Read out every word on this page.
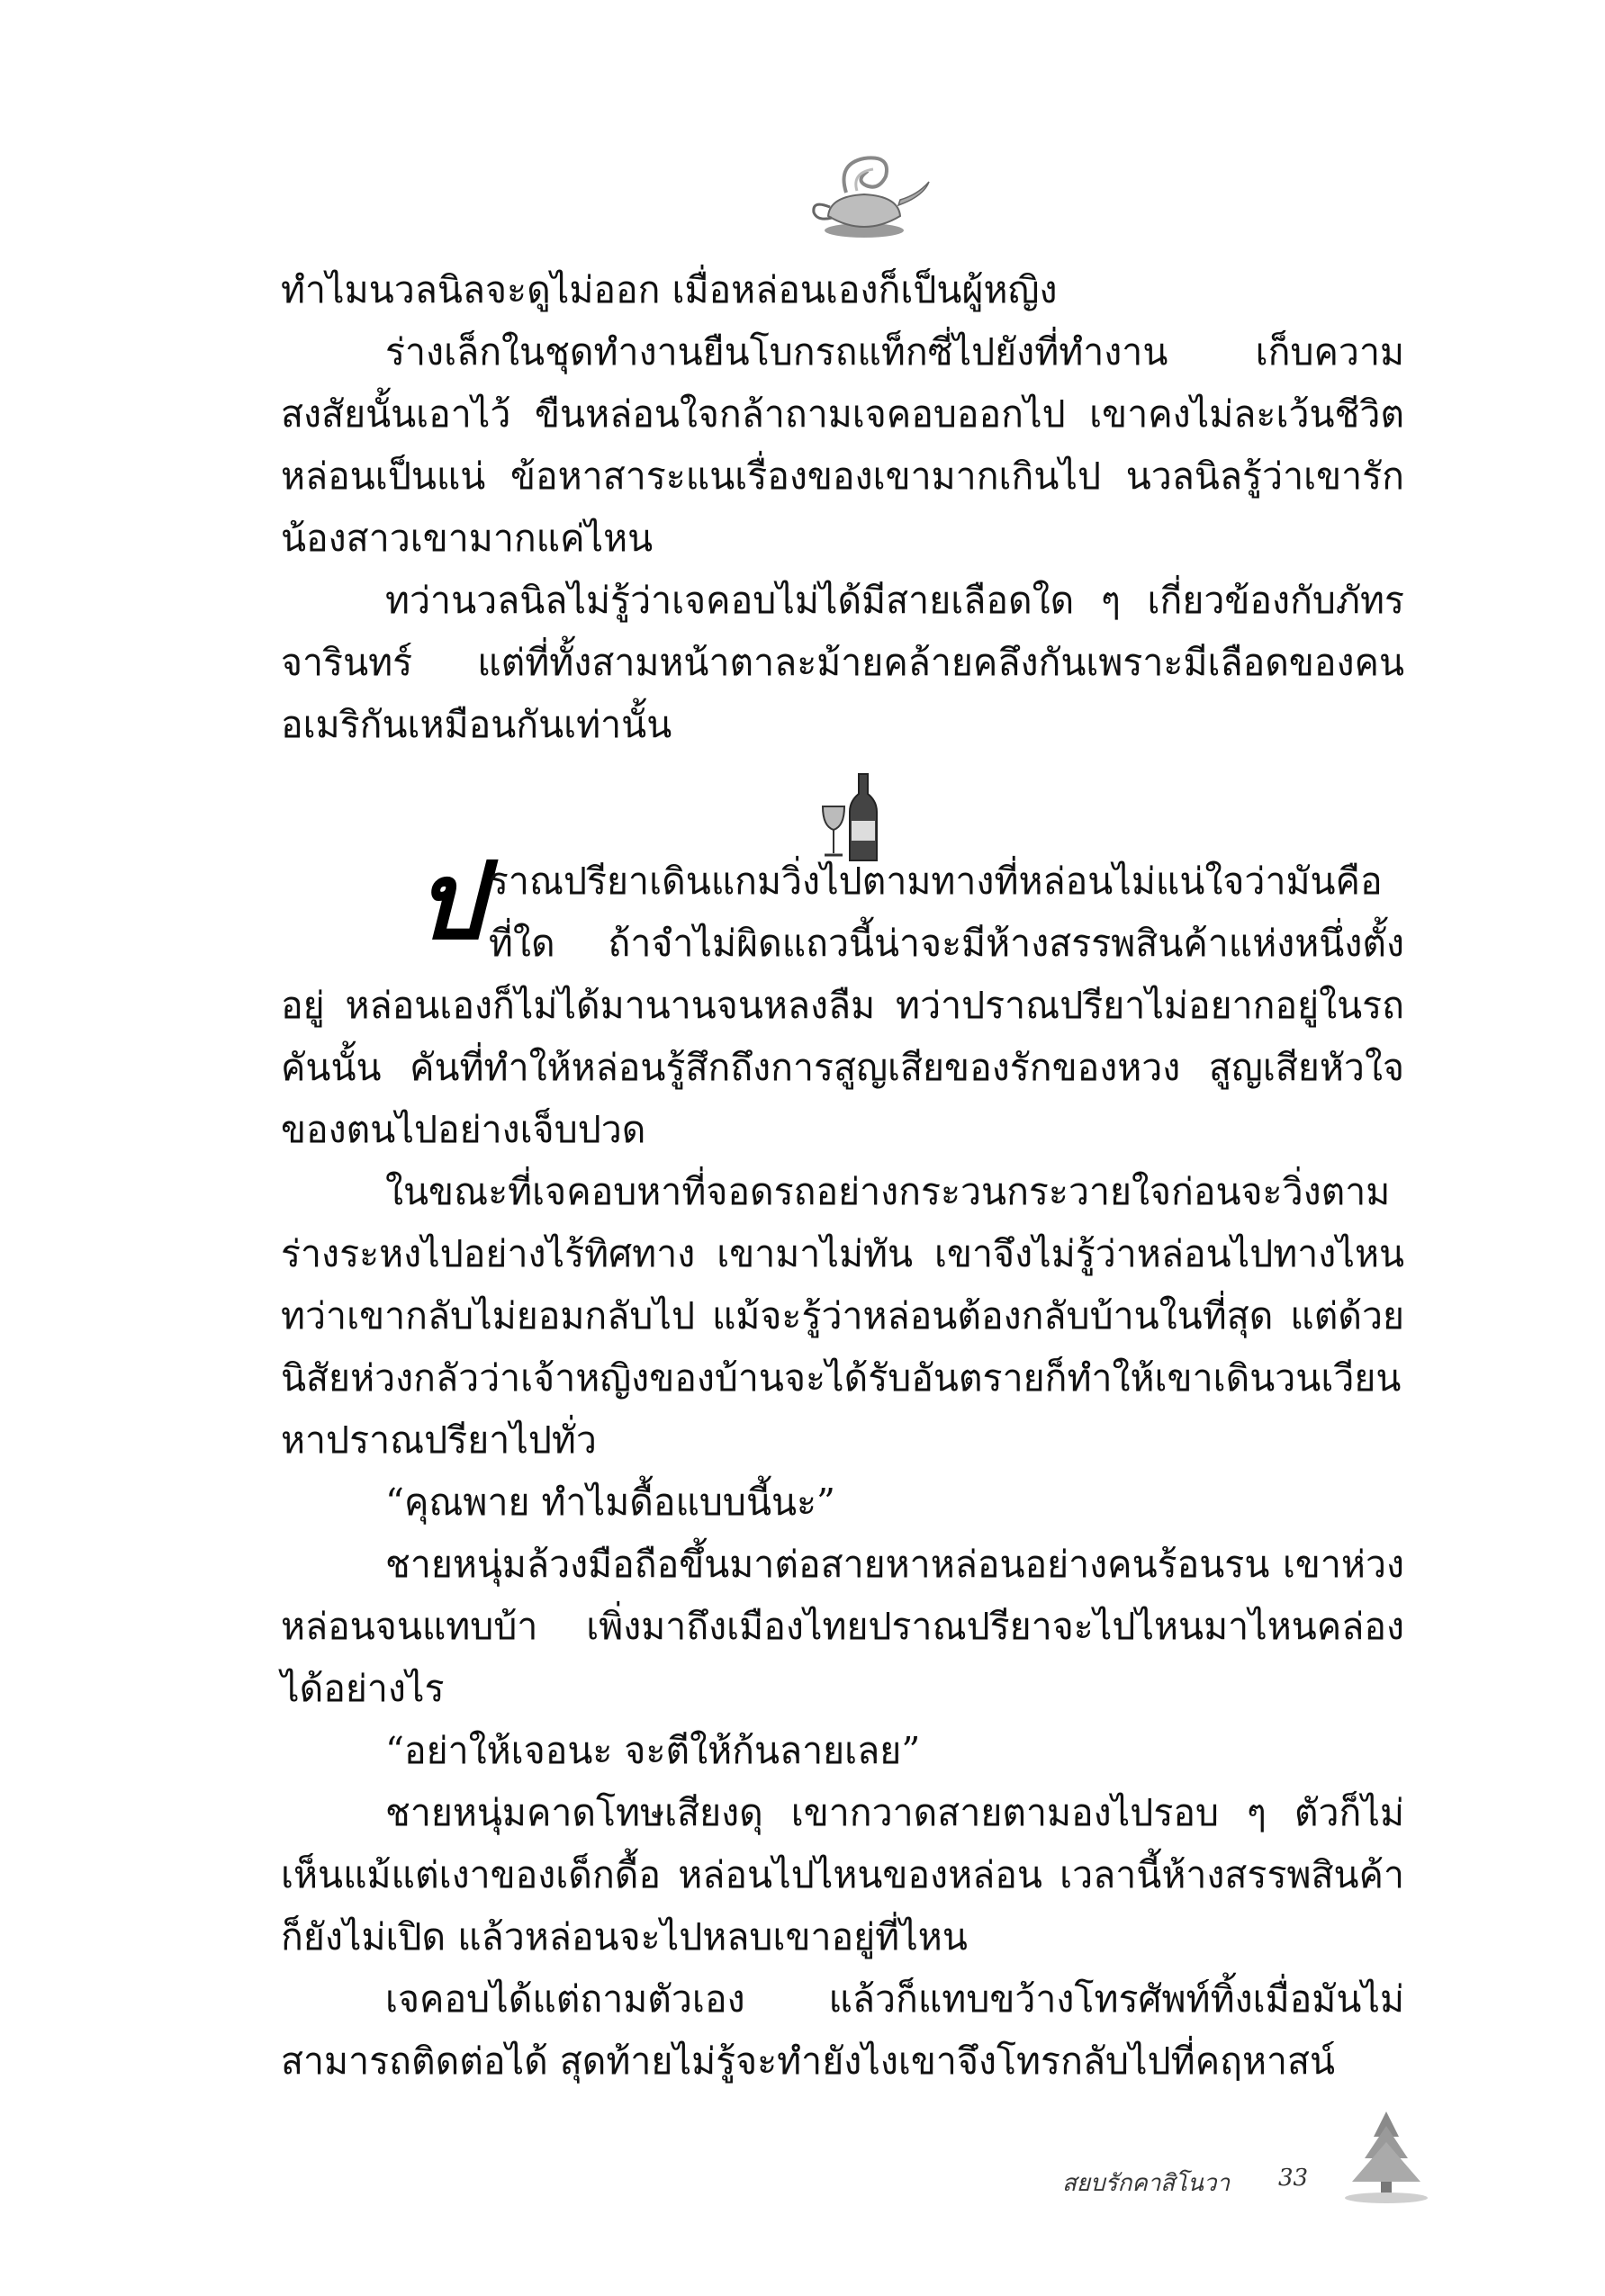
ทำไมนวลนิลจะดูไม่ออก เมื่อหล่อนเองก็เป็นผู้หญิง

ร่างเล็กในชุดทำงานยืนโบกรถแท็กซี่ไปยังที่ทำงาน เก็บความสงสัยนั้นเอาไว้ ขืนหล่อนใจกล้าถามเจคอบออกไป เขาคงไม่ละเว้นชีวิตหล่อนเป็นแน่ ข้อหาสาระแนเรื่องของเขามากเกินไป นวลนิลรู้ว่าเขารักน้องสาวเขามากแค่ไหน

ทว่านวลนิลไม่รู้ว่าเจคอบไม่ได้มีสายเลือดใด ๆ เกี่ยวข้องกับภัทรจารินทร์ แต่ที่ทั้งสามหน้าตาละม้ายคล้ายคลึงกันเพราะมีเลือดของคนอเมริกันเหมือนกันเท่านั้น

ปราณปรียาเดินแกมวิ่งไปตามทางที่หล่อนไม่แน่ใจว่ามันคือที่ใด ถ้าจำไม่ผิดแถวนี้น่าจะมีห้างสรรพสินค้าแห่งหนึ่งตั้งอยู่ หล่อนเองก็ไม่ได้มานานจนหลงลืม ทว่าปราณปรียาไม่อยากอยู่ในรถคันนั้น คันที่ทำให้หล่อนรู้สึกถึงการสูญเสียของรักของหวง สูญเสียหัวใจของตนไปอย่างเจ็บปวด

ในขณะที่เจคอบหาที่จอดรถอย่างกระวนกระวายใจก่อนจะวิ่งตามร่างระหงไปอย่างไร้ทิศทาง เขามาไม่ทัน เขาจึงไม่รู้ว่าหล่อนไปทางไหน ทว่าเขากลับไม่ยอมกลับไป แม้จะรู้ว่าหล่อนต้องกลับบ้านในที่สุด แต่ด้วยนิสัยห่วงกลัวว่าเจ้าหญิงของบ้านจะได้รับอันตรายก็ทำให้เขาเดินวนเวียนหาปราณปรียาไปทั่ว

“คุณพาย ทำไมดื้อแบบนี้นะ”

ชายหนุ่มล้วงมือถือขึ้นมาต่อสายหาหล่อนอย่างคนร้อนรน เขาห่วงหล่อนจนแทบบ้า เพิ่งมาถึงเมืองไทยปราณปรียาจะไปไหนมาไหนคล่องได้อย่างไร

“อย่าให้เจอนะ จะตีให้ก้นลายเลย”

ชายหนุ่มคาดโทษเสียงดุ เขากวาดสายตามองไปรอบ ๆ ตัวก็ไม่เห็นแม้แต่เงาของเด็กดื้อ หล่อนไปไหนของหล่อน เวลานี้ห้างสรรพสินค้าก็ยังไม่เปิด แล้วหล่อนจะไปหลบเขาอยู่ที่ไหน

เจคอบได้แต่ถามตัวเอง แล้วก็แทบขว้างโทรศัพท์ทิ้งเมื่อมันไม่สามารถติดต่อได้ สุดท้ายไม่รู้จะทำยังไงเขาจึงโทรกลับไปที่คฤหาสน์

สยบรักคาสิโนวา 33
